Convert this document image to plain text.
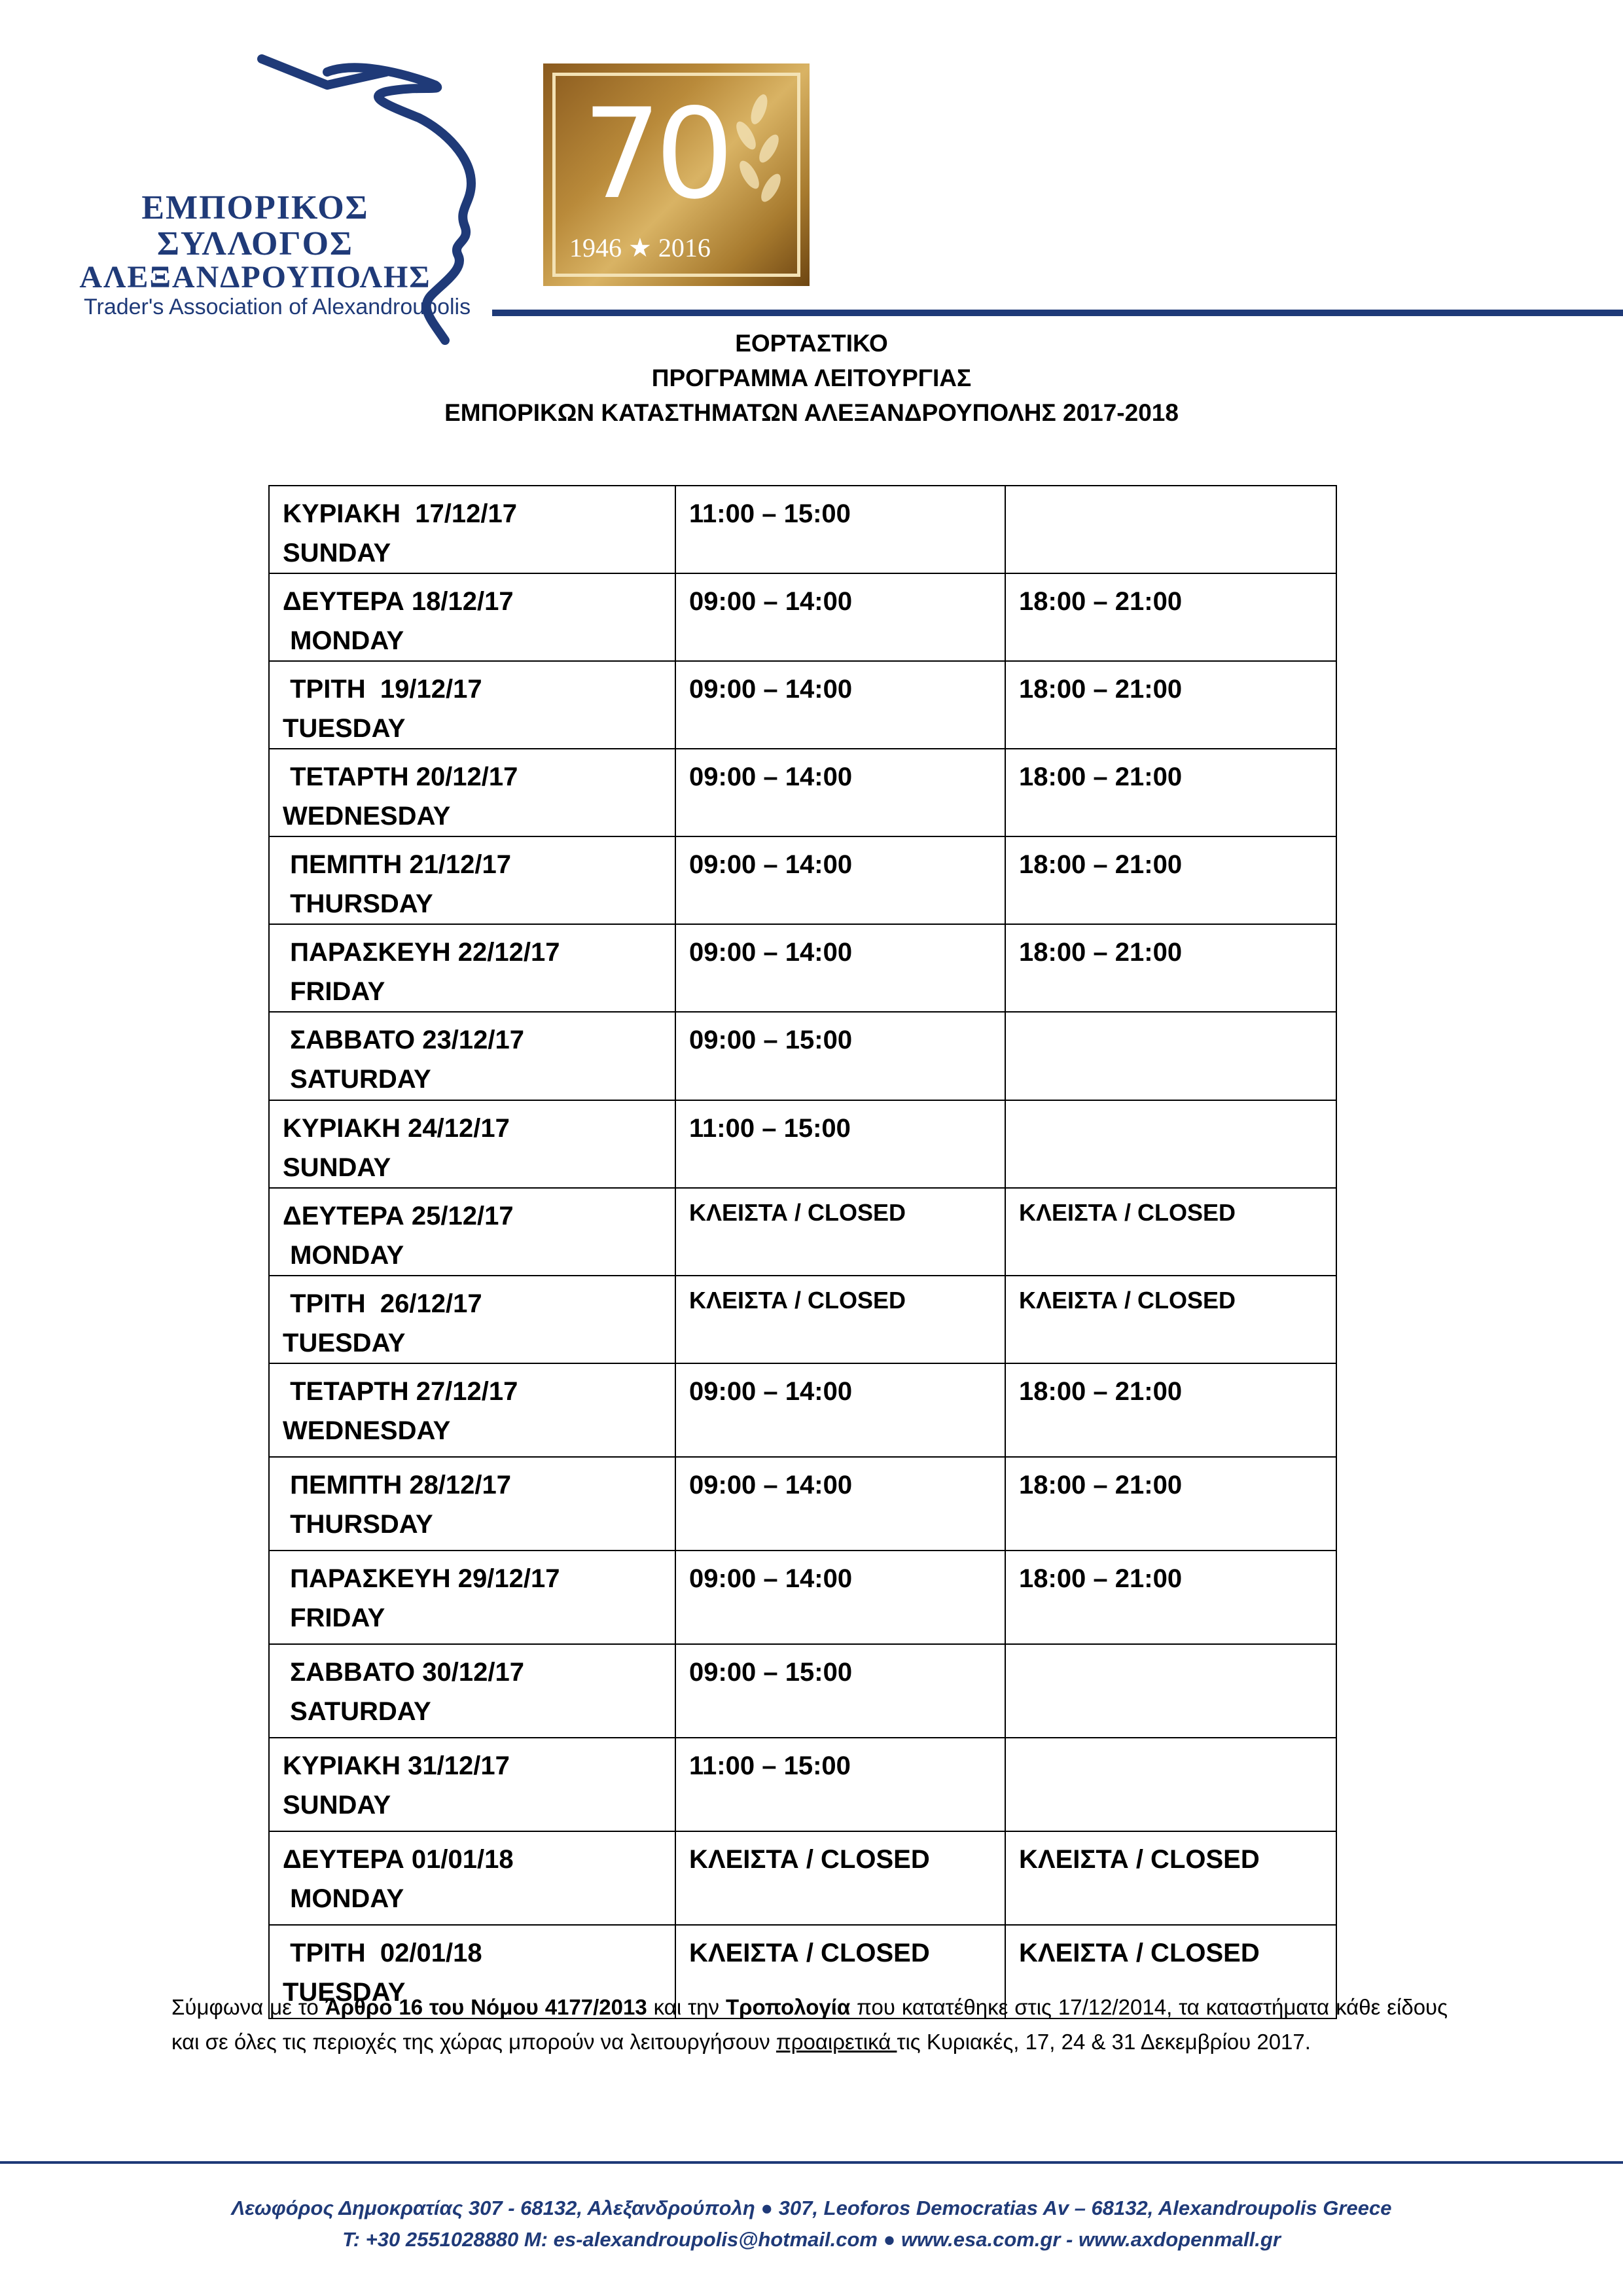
ΕΜΠΟΡΙΚΟΣ
ΣΥΛΛΟΓΟΣ
ΑΛΕΞΑΝΔΡΟΥΠΟΛΗΣ
Trader's Association of Alexandroupolis
70
1946 ★ 2016
ΕΟΡΤΑΣΤΙΚΟ
ΠΡΟΓΡΑΜΜΑ ΛΕΙΤΟΥΡΓΙΑΣ
ΕΜΠΟΡΙΚΩΝ ΚΑΤΑΣΤΗΜΑΤΩΝ ΑΛΕΞΑΝΔΡΟΥΠΟΛΗΣ 2017-2018
ΚΥΡΙΑΚΗ  17/12/17
SUNDAY	11:00 – 15:00	

ΔΕΥΤΕΡΑ 18/12/17
MONDAY	09:00 – 14:00	18:00 – 21:00

ΤΡΙΤΗ  19/12/17
TUESDAY	09:00 – 14:00	18:00 – 21:00

ΤΕΤΑΡΤΗ 20/12/17
WEDNESDAY	09:00 – 14:00	18:00 – 21:00

ΠΕΜΠΤΗ 21/12/17
THURSDAY	09:00 – 14:00	18:00 – 21:00

ΠΑΡΑΣΚΕΥΗ 22/12/17
FRIDAY	09:00 – 14:00	18:00 – 21:00

ΣΑΒΒΑΤΟ 23/12/17
SATURDAY	09:00 – 15:00	

ΚΥΡΙΑΚΗ 24/12/17
SUNDAY	11:00 – 15:00	

ΔΕΥΤΕΡΑ 25/12/17
MONDAY	ΚΛΕΙΣΤΑ / CLOSED	ΚΛΕΙΣΤΑ / CLOSED

ΤΡΙΤΗ  26/12/17
TUESDAY	ΚΛΕΙΣΤΑ / CLOSED	ΚΛΕΙΣΤΑ / CLOSED

ΤΕΤΑΡΤΗ 27/12/17
WEDNESDAY	09:00 – 14:00	18:00 – 21:00

ΠΕΜΠΤΗ 28/12/17
THURSDAY	09:00 – 14:00	18:00 – 21:00

ΠΑΡΑΣΚΕΥΗ 29/12/17
FRIDAY	09:00 – 14:00	18:00 – 21:00

ΣΑΒΒΑΤΟ 30/12/17
SATURDAY	09:00 – 15:00	

ΚΥΡΙΑΚΗ 31/12/17
SUNDAY	11:00 – 15:00	

ΔΕΥΤΕΡΑ 01/01/18
MONDAY	ΚΛΕΙΣΤΑ / CLOSED	ΚΛΕΙΣΤΑ / CLOSED

ΤΡΙΤΗ  02/01/18
TUESDAY	ΚΛΕΙΣΤΑ / CLOSED	ΚΛΕΙΣΤΑ / CLOSED
Σύμφωνα με το Άρθρο 16 του Νόμου 4177/2013 και την Τροπολογία που κατατέθηκε στις 17/12/2014, τα καταστήματα κάθε είδους και σε όλες τις περιοχές της χώρας μπορούν να λειτουργήσουν προαιρετικά τις Κυριακές, 17, 24 & 31 Δεκεμβρίου 2017.
Λεωφόρος Δημοκρατίας 307 - 68132, Αλεξανδρούπολη ● 307, Leoforos Democratias Av – 68132, Alexandroupolis Greece
T: +30 2551028880 M: es-alexandroupolis@hotmail.com ● www.esa.com.gr - www.axdopenmall.gr
